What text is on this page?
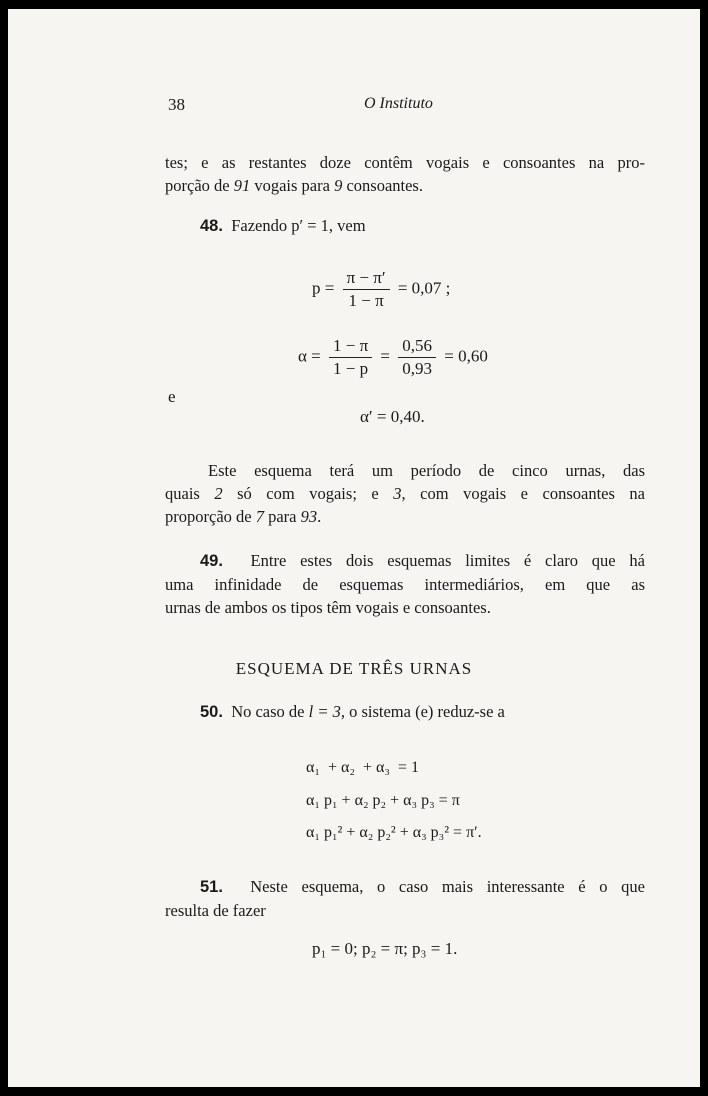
38	O Instituto
tes; e as restantes doze contêm vogais e consoantes na pro-
porção de 91 vogais para 9 consoantes.
48. Fazendo p′ = 1, vem
$p = \frac{\pi - \pi'}{1 - \pi} = 0,07$ ;
$\alpha = \frac{1 - \pi}{1 - p} = \frac{0,56}{0,93} = 0,60$
e
α′ = 0,40.
Este esquema terá um período de cinco urnas, das
quais 2 só com vogais; e 3, com vogais e consoantes na
proporção de 7 para 93.
49. Entre estes dois esquemas limites é claro que há
uma infinidade de esquemas intermediários, em que as
urnas de ambos os tipos têm vogais e consoantes.
ESQUEMA DE TRÊS URNAS
50. No caso de l = 3, o sistema (e) reduz-se a
α₁  + α₂  + α₃  = 1
α₁ p₁ + α₂ p₂ + α₃ p₃ = π
α₁ p₁² + α₂ p₂² + α₃ p₃² = π′.
51. Neste esquema, o caso mais interessante é o que
resulta de fazer
p₁ = 0; p₂ = π; p₃ = 1.
